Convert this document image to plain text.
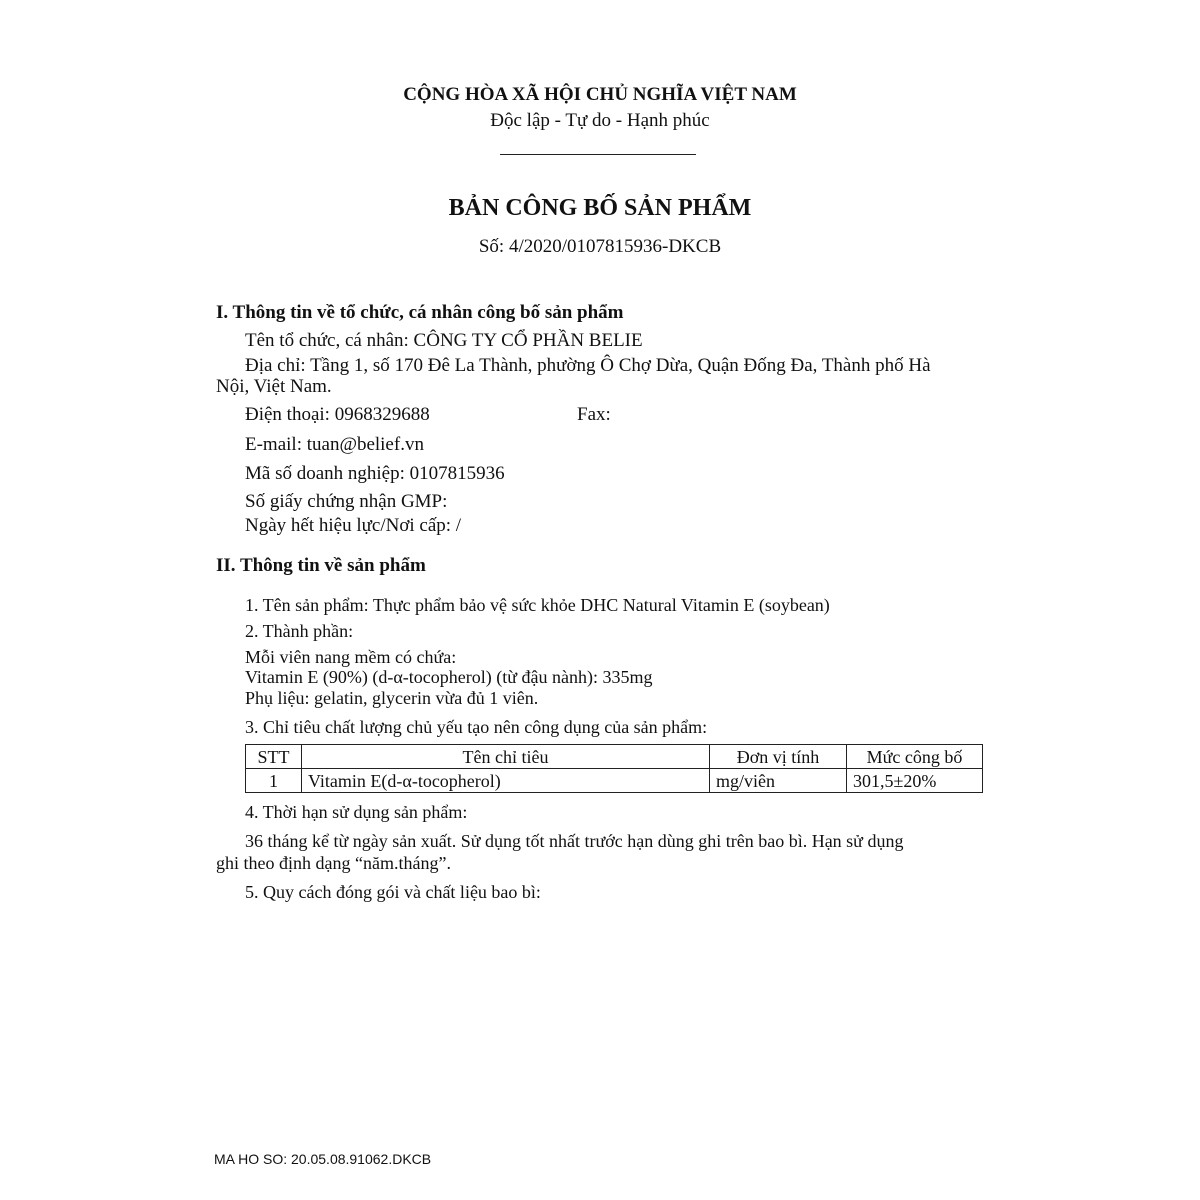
CỘNG HÒA XÃ HỘI CHỦ NGHĨA VIỆT NAM
Độc lập - Tự do - Hạnh phúc
BẢN CÔNG BỐ SẢN PHẨM
Số: 4/2020/0107815936-DKCB
I. Thông tin về tổ chức, cá nhân công bố sản phẩm
Tên tổ chức, cá nhân: CÔNG TY CỔ PHẦN BELIE
Địa chỉ: Tầng 1, số 170 Đê La Thành, phường Ô Chợ Dừa, Quận Đống Đa, Thành phố Hà
Nội, Việt Nam.
Điện thoại: 0968329688	Fax:
E-mail: tuan@belief.vn
Mã số doanh nghiệp: 0107815936
Số giấy chứng nhận GMP:
Ngày hết hiệu lực/Nơi cấp: /
II. Thông tin về sản phẩm
1. Tên sản phẩm: Thực phẩm bảo vệ sức khỏe DHC Natural Vitamin E (soybean)
2. Thành phần:
Mỗi viên nang mềm có chứa:
Vitamin E (90%) (d-α-tocopherol) (từ đậu nành): 335mg
Phụ liệu: gelatin, glycerin vừa đủ 1 viên.
3. Chỉ tiêu chất lượng chủ yếu tạo nên công dụng của sản phẩm:
STT	Tên chỉ tiêu	Đơn vị tính	Mức công bố
1	Vitamin E(d-α-tocopherol)	mg/viên	301,5±20%
4. Thời hạn sử dụng sản phẩm:
36 tháng kể từ ngày sản xuất. Sử dụng tốt nhất trước hạn dùng ghi trên bao bì. Hạn sử dụng
ghi theo định dạng “năm.tháng”.
5. Quy cách đóng gói và chất liệu bao bì:
MA HO SO: 20.05.08.91062.DKCB
